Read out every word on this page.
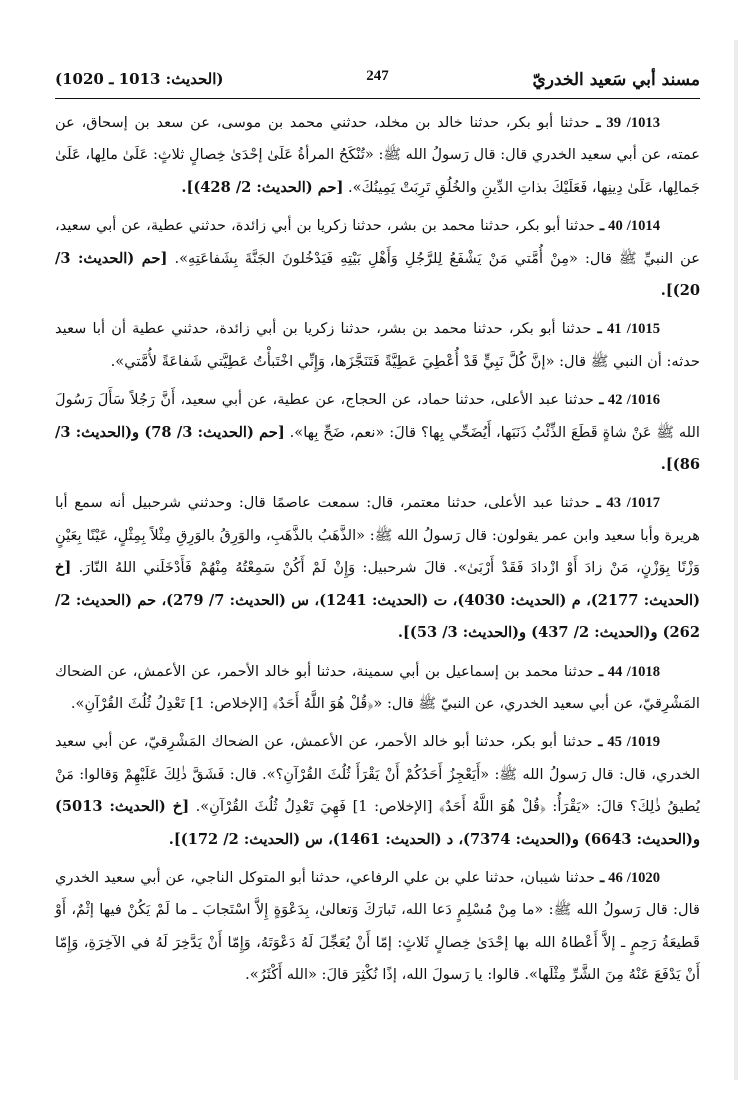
مسند أبي سَعيد الخدريّ
247
(الحديث: 1013 ـ 1020)

1013/ 39 ـ حدثنا أبو بكر، حدثنا خالد بن مخلد، حدثني محمد بن موسى، عن سعد بن إسحاق، عن عمته، عن أبي سعيد الخدري قال: قال رَسولُ الله ﷺ: «تُنْكَحُ المرأةُ عَلَىٰ إحْدَىٰ خِصالٍ ثلاثٍ: عَلَىٰ مالِها، عَلَىٰ جَمالِها، عَلَىٰ دِينِها، فَعَلَيْكَ بذاتِ الدِّينِ والخُلُقِ تَرِبَتْ يَمِينُكَ». [حم (الحديث: 2/ 428)].

1014/ 40 ـ حدثنا أبو بكر، حدثنا محمد بن بشر، حدثنا زكريا بن أبي زائدة، حدثني عطية، عن أبي سعيد، عن النبيِّ ﷺ قال: «مِنْ أُمَّتي مَنْ يَشْفَعُ لِلرَّجُلِ وَأَهْلِ بَيْتِهِ فَيَدْخُلونَ الجَنَّةَ بِشَفاعَتِهِ». [حم (الحديث: 3/ 20)].

1015/ 41 ـ حدثنا أبو بكر، حدثنا محمد بن بشر، حدثنا زكريا بن أبي زائدة، حدثني عطية أن أبا سعيد حدثه: أن النبي ﷺ قال: «إنَّ كُلَّ نَبِيٍّ قَدْ أُعْطِيَ عَطِيَّةً فَتَنَجَّزَها، وَإِنِّي اخْتَبأْتُ عَطِيَّتي شَفاعَةً لأُمَّتي».

1016/ 42 ـ حدثنا عبد الأعلى، حدثنا حماد، عن الحجاج، عن عطية، عن أبي سعيد، أَنَّ رَجُلاً سَأَلَ رَسُولَ الله ﷺ عَنْ شاةٍ قَطَعَ الذِّئْبُ ذَنَبَها، أَيُضَحِّي بِها؟ قالَ: «نعم، ضَحِّ بِها». [حم (الحديث: 3/ 78) و(الحديث: 3/ 86)].

1017/ 43 ـ حدثنا عبد الأعلى، حدثنا معتمر، قال: سمعت عاصمًا قال: وحدثني شرحبيل أنه سمع أبا هريرة وأبا سعيد وابن عمر يقولون: قال رَسولُ الله ﷺ: «الذَّهَبُ بالذَّهَبِ، والوَرِقُ بالوَرِقِ مِثْلاً بِمِثْلٍ، عَيْنًا بِعَيْنٍ وَزْنًا بِوَزْنٍ، مَنْ زادَ أَوْ ازْدادَ فَقَدْ أَرْبَىٰ». قالَ شرحبيل: وَإِنْ لَمْ أَكُنْ سَمِعْتُهُ مِنْهُمْ فَأَدْخَلَني اللهُ النّارَ. [خ (الحديث: 2177)، م (الحديث: 4030)، ت (الحديث: 1241)، س (الحديث: 7/ 279)، حم (الحديث: 2/ 262) و(الحديث: 2/ 437) و(الحديث: 3/ 53)].

1018/ 44 ـ حدثنا محمد بن إسماعيل بن أبي سمينة، حدثنا أبو خالد الأحمر، عن الأعمش، عن الضحاك المَشْرِقيّ، عن أبي سعيد الخدري، عن النبيّ ﷺ قال: «﴿قُلْ هُوَ اللَّهُ أَحَدٌ﴾ [الإخلاص: 1] تَعْدِلُ ثُلُثَ القُرْآنِ».

1019/ 45 ـ حدثنا أبو بكر، حدثنا أبو خالد الأحمر، عن الأعمش، عن الضحاك المَشْرِقيّ، عن أبي سعيد الخدري، قال: قال رَسولُ الله ﷺ: «أَيَعْجِزُ أَحَدُكُمْ أَنْ يَقْرَأَ ثُلُثَ القُرْآنِ؟». قال: فَشَقَّ ذٰلِكَ عَلَيْهِمْ وَقالوا: مَنْ يُطيقُ ذٰلِكَ؟ قالَ: «يَقْرَأُ: ﴿قُلْ هُوَ اللَّهُ أَحَدٌ﴾ [الإخلاص: 1] فَهِيَ تَعْدِلُ ثُلُثَ القُرْآنِ». [خ (الحديث: 5013) و(الحديث: 6643) و(الحديث: 7374)، د (الحديث: 1461)، س (الحديث: 2/ 172)].

1020/ 46 ـ حدثنا شيبان، حدثنا علي بن علي الرفاعي، حدثنا أبو المتوكل الناجي، عن أبي سعيد الخدري قال: قال رَسولُ الله ﷺ: «ما مِنْ مُسْلِمٍ دَعا الله، تَبارَكَ وَتعالىٰ، بِدَعْوَةٍ إِلاَّ اسْتَجابَ ـ ما لَمْ يَكُنْ فيها إثْمٌ، أَوْ قَطيعَةُ رَحِمٍ ـ إلاَّ أَعْطاهُ الله بها إحْدَىٰ خِصالٍ ثَلاثٍ: إمّا أَنْ يُعَجِّلَ لَهُ دَعْوَتَهُ، وَإِمّا أَنْ يَدَّخِرَ لَهُ في الآخِرَةِ، وَإِمّا أَنْ يَدْفَعَ عَنْهُ مِنَ الشَّرِّ مِثْلَها». قالوا: يا رَسولَ الله، إذًا نُكْثِرَ قالَ: «الله أَكْثَرُ».
